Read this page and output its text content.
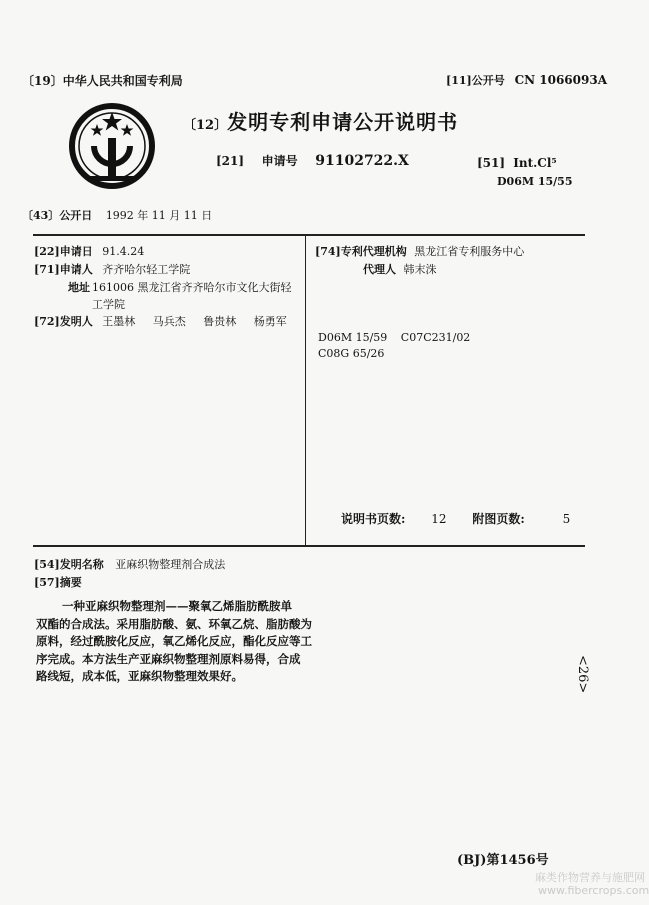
〔19〕中华人民共和国专利局	[11]公开号 CN 1066093A
〔12〕发明专利申请公开说明书
[21] 申请号 91102722.X	[51] Int.Cl⁵
D06M 15/55
〔43〕公开日 1992 年 11 月 11 日
[22]申请日 91.4.24
[71]申请人 齐齐哈尔轻工学院
地址 161006 黑龙江省齐齐哈尔市文化大街轻
工学院
[72]发明人 王墨林 马兵杰 鲁贵林 杨勇军
[74]专利代理机构 黑龙江省专利服务中心
代理人 韩末洙
D06M 15/59 C07C231/02
C08G 65/26
说明书页数: 12 附图页数:	5
[54]发明名称 亚麻织物整理剂合成法
[57]摘要
一种亚麻织物整理剂——聚氧乙烯脂肪酰胺单
双酯的合成法。采用脂肪酸、氨、环氧乙烷、脂肪酸为
原料，经过酰胺化反应，氧乙烯化反应，酯化反应等工
序完成。本方法生产亚麻织物整理剂原料易得，合成
路线短，成本低，亚麻织物整理效果好。	<26>
(BJ)第1456号
麻类作物营养与施肥网
www.fibercrops.com
